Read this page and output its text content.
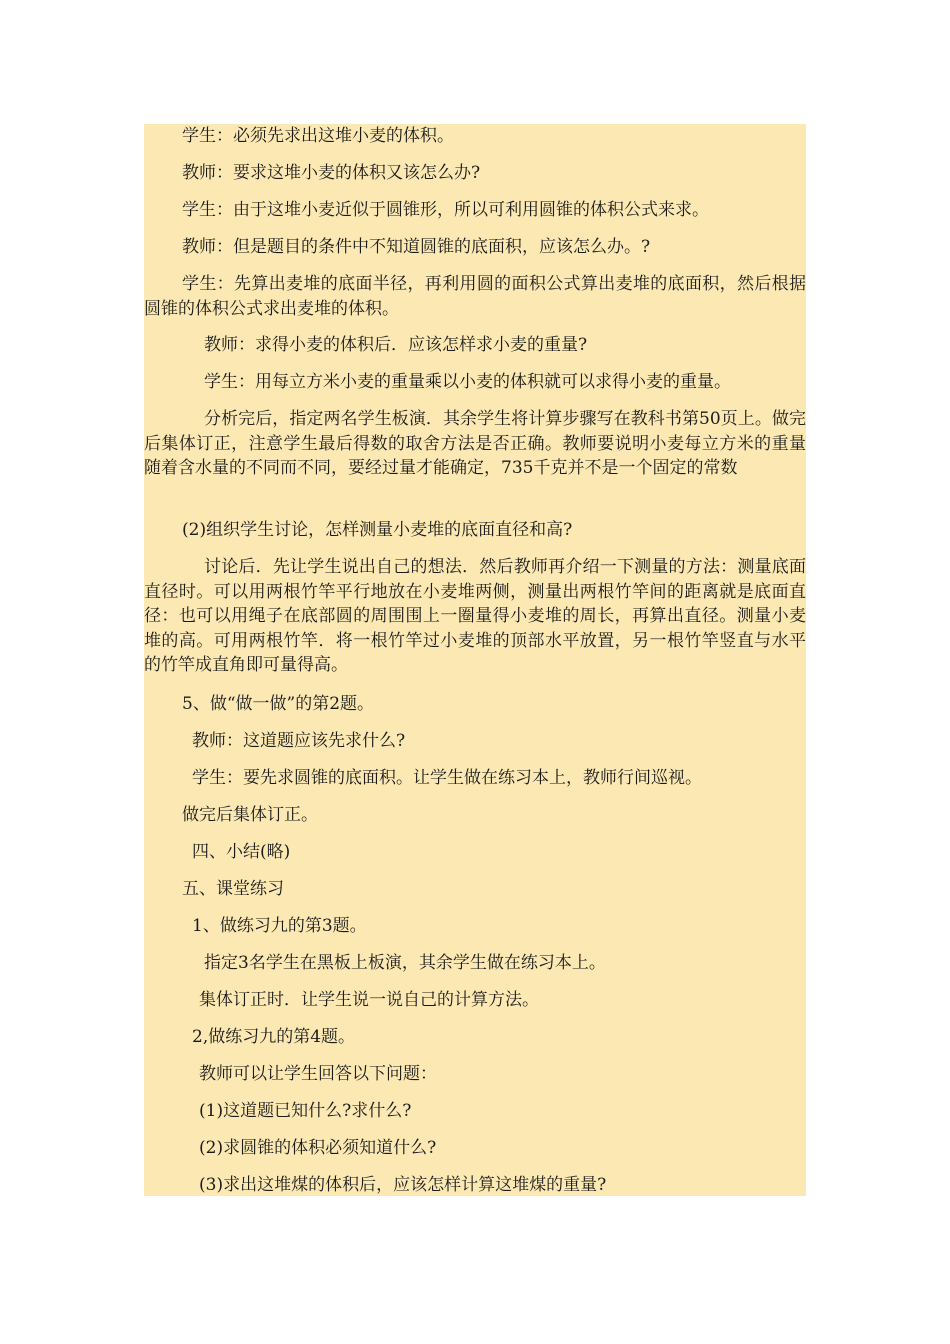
学生：必须先求出这堆小麦的体积。
教师：要求这堆小麦的体积又该怎么办?
学生：由于这堆小麦近似于圆锥形，所以可利用圆锥的体积公式来求。
教师：但是题目的条件中不知道圆锥的底面积，应该怎么办。?
学生：先算出麦堆的底面半径，再利用圆的面积公式算出麦堆的底面积，然后根据圆锥的体积公式求出麦堆的体积。
教师：求得小麦的体积后．应该怎样求小麦的重量?
学生：用每立方米小麦的重量乘以小麦的体积就可以求得小麦的重量。
分析完后，指定两名学生板演．其余学生将计算步骤写在教科书第50页上。做完后集体订正，注意学生最后得数的取舍方法是否正确。教师要说明小麦每立方米的重量随着含水量的不同而不同，要经过量才能确定，735千克并不是一个固定的常数
(2)组织学生讨论，怎样测量小麦堆的底面直径和高?
讨论后．先让学生说出自己的想法．然后教师再介绍一下测量的方法：测量底面直径时。可以用两根竹竿平行地放在小麦堆两侧，测量出两根竹竿间的距离就是底面直径：也可以用绳子在底部圆的周围围上一圈量得小麦堆的周长，再算出直径。测量小麦堆的高。可用两根竹竿．将一根竹竿过小麦堆的顶部水平放置，另一根竹竿竖直与水平的竹竿成直角即可量得高。
5、做“做一做”的第2题。
教师：这道题应该先求什么?
学生：要先求圆锥的底面积。让学生做在练习本上，教师行间巡视。
做完后集体订正。
四、小结(略)
五、课堂练习
1、做练习九的第3题。
指定3名学生在黑板上板演，其余学生做在练习本上。
集体订正时．让学生说一说自己的计算方法。
2,做练习九的第4题。
教师可以让学生回答以下问题：
(1)这道题已知什么?求什么?
(2)求圆锥的体积必须知道什么?
(3)求出这堆煤的体积后，应该怎样计算这堆煤的重量?
